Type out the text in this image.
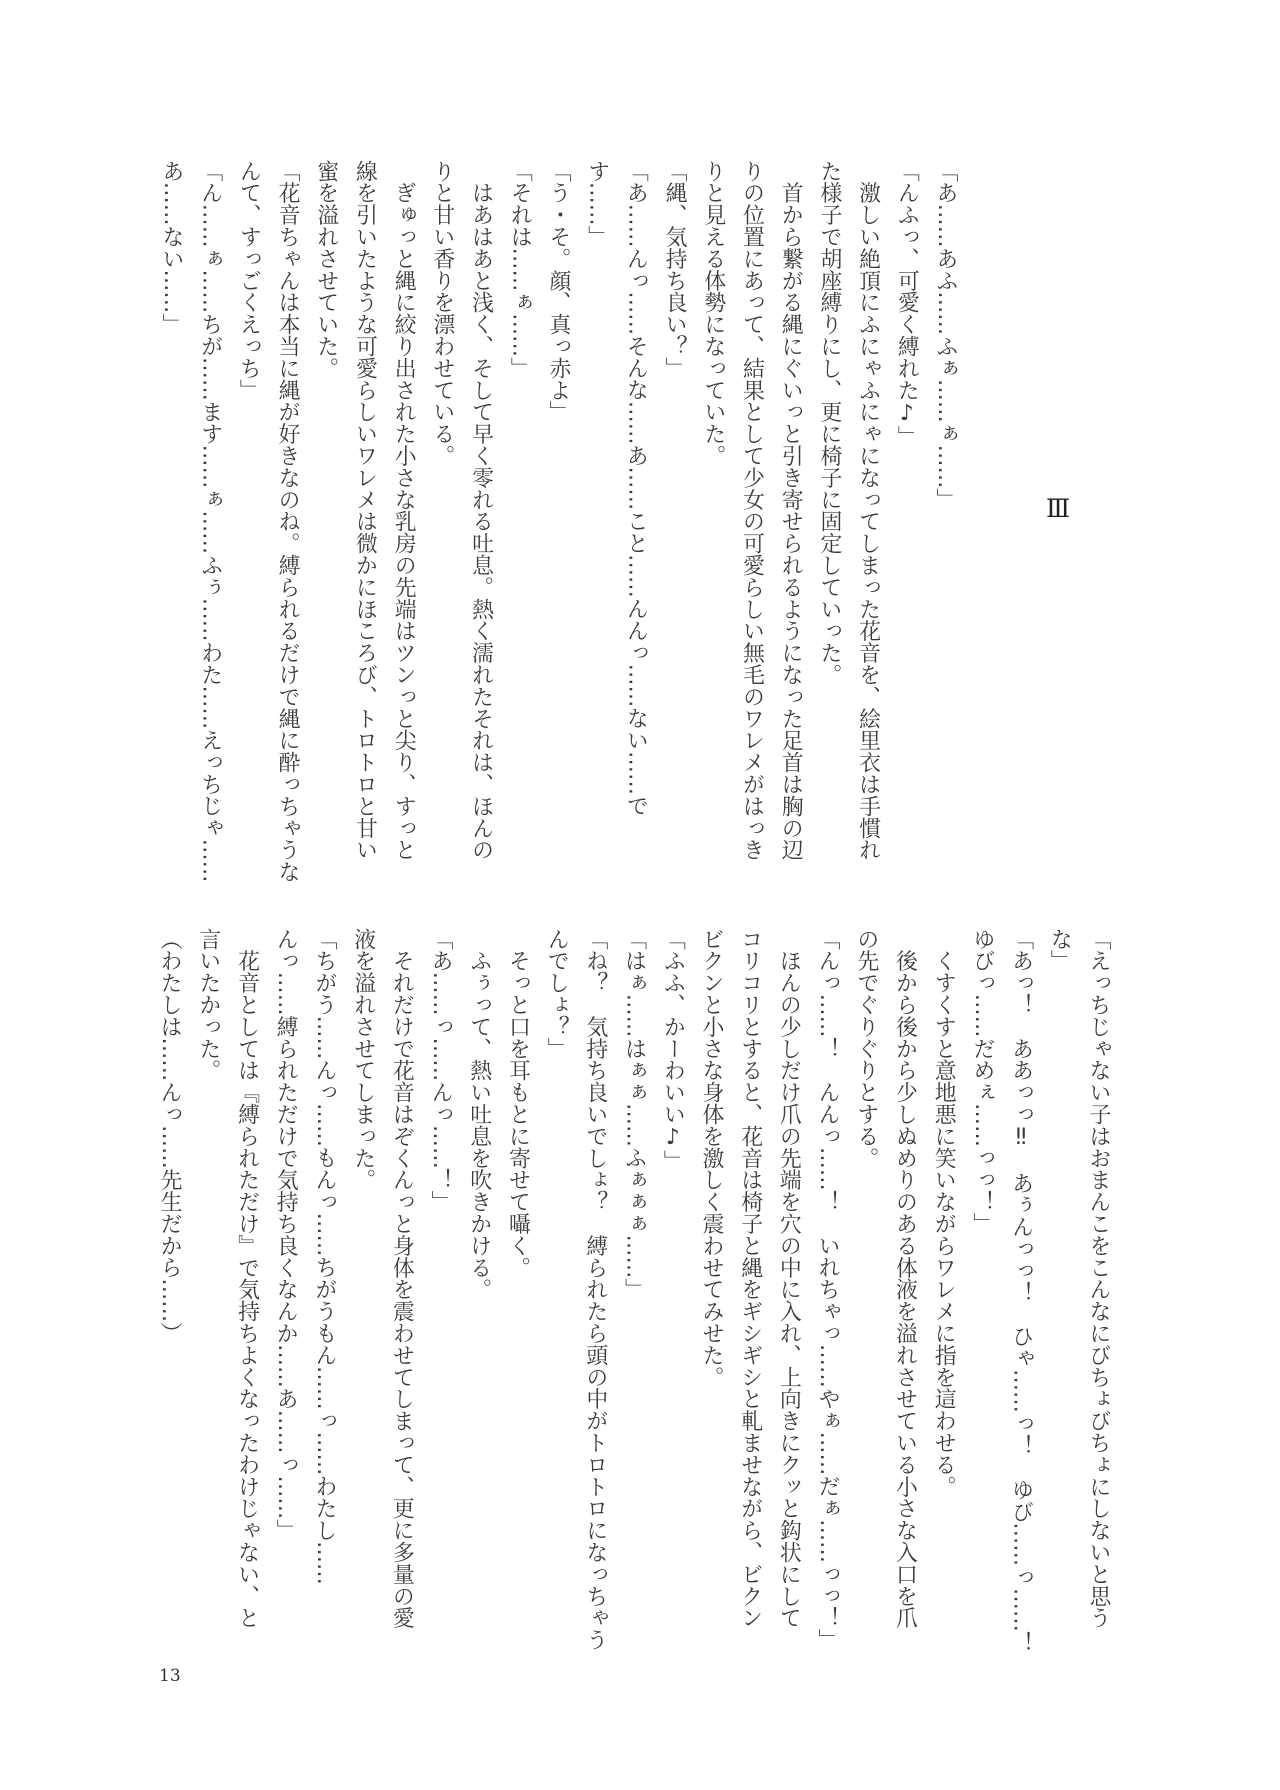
Ⅲ
「あ……あふ……ふぁ……ぁ……」
「んふっ、可愛く縛れた♪」
　激しい絶頂にふにゃふにゃになってしまった花音を、絵里衣は手慣れ
た様子で胡座縛りにし、更に椅子に固定していった。
　首から繋がる縄にぐいっと引き寄せられるようになった足首は胸の辺
りの位置にあって、結果として少女の可愛らしい無毛のワレメがはっき
りと見える体勢になっていた。
「縄、気持ち良い？」
「あ……んっ……そんな……あ……こと……んんっ……ない……で
す……」
「う・そ。顔、真っ赤よ」
「それは……ぁ……」
　はあはあと浅く、そして早く零れる吐息。熱く濡れたそれは、ほんの
りと甘い香りを漂わせている。
　ぎゅっと縄に絞り出された小さな乳房の先端はツンっと尖り、すっと
線を引いたような可愛らしいワレメは微かにほころび、トロトロと甘い
蜜を溢れさせていた。
「花音ちゃんは本当に縄が好きなのね。縛られるだけで縄に酔っちゃうな
んて、すっごくえっち」
「ん……ぁ……ちが……ます……ぁ……ふぅ……わた……えっちじゃ……
あ……ない……」
「えっちじゃない子はおまんこをこんなにびちょびちょにしないと思う
な」
「あっ！　ああっっ‼　あぅんっっ！　ひゃ……っ！　ゆび……っ……！
ゆびっ……だめぇ……っっ！」
　くすくすと意地悪に笑いながらワレメに指を這わせる。
　後から後から少しぬめりのある体液を溢れさせている小さな入口を爪
の先でぐりぐりとする。
「んっ……！　んんっ……！　いれちゃっ……やぁ……だぁ……っっ！」
　ほんの少しだけ爪の先端を穴の中に入れ、上向きにクッと鈎状にして
コリコリとすると、花音は椅子と縄をギシギシと軋ませながら、ビクン
ビクンと小さな身体を激しく震わせてみせた。
「ふふ、かーわいい♪」
「はぁ……はぁぁ……ふぁぁぁ……」
「ね？　気持ち良いでしょ？　縛られたら頭の中がトロトロになっちゃう
んでしょ？」
　そっと口を耳もとに寄せて囁く。
　ふぅって、熱い吐息を吹きかける。
「あ……っ……んっ……！」
　それだけで花音はぞくんっと身体を震わせてしまって、更に多量の愛
液を溢れさせてしまった。
「ちがう……んっ……もんっ……ちがうもん……っ……わたし……
んっ……縛られただけで気持ち良くなんか……あ……っ……」
　花音としては『縛られただけ』で気持ちよくなったわけじゃない、と
言いたかった。
（わたしは……んっ……先生だから……）
13
